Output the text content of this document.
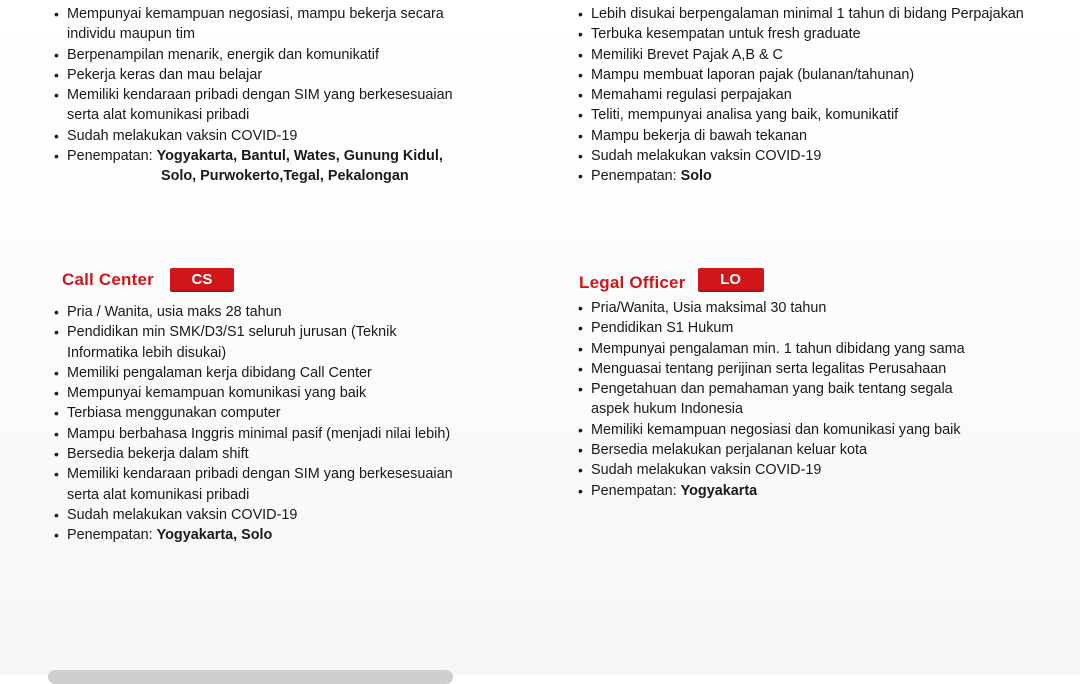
• Mempunyai kemampuan negosiasi, mampu bekerja secara individu maupun tim
• Berpenampilan menarik, energik dan komunikatif
• Pekerja keras dan mau belajar
• Memiliki kendaraan pribadi dengan SIM yang berkesesuaian serta alat komunikasi pribadi
• Sudah melakukan vaksin COVID-19
• Penempatan: Yogyakarta, Bantul, Wates, Gunung Kidul,
Solo, Purwokerto,Tegal, Pekalongan
• Lebih disukai berpengalaman minimal 1 tahun di bidang Perpajakan
• Terbuka kesempatan untuk fresh graduate
• Memiliki Brevet Pajak A,B & C
• Mampu membuat laporan pajak (bulanan/tahunan)
• Memahami regulasi perpajakan
• Teliti, mempunyai analisa yang baik, komunikatif
• Mampu bekerja di bawah tekanan
• Sudah melakukan vaksin COVID-19
• Penempatan: Solo
Call Center	CS
• Pria / Wanita, usia maks 28 tahun
• Pendidikan min SMK/D3/S1 seluruh jurusan (Teknik Informatika lebih disukai)
• Memiliki pengalaman kerja dibidang Call Center
• Mempunyai kemampuan komunikasi yang baik
• Terbiasa menggunakan computer
• Mampu berbahasa Inggris minimal pasif (menjadi nilai lebih)
• Bersedia bekerja dalam shift
• Memiliki kendaraan pribadi dengan SIM yang berkesesuaian serta alat komunikasi pribadi
• Sudah melakukan vaksin COVID-19
• Penempatan: Yogyakarta, Solo
Legal Officer	LO
• Pria/Wanita, Usia maksimal 30 tahun
• Pendidikan S1 Hukum
• Mempunyai pengalaman min. 1 tahun dibidang yang sama
• Menguasai tentang perijinan serta legalitas Perusahaan
• Pengetahuan dan pemahaman yang baik tentang segala aspek hukum Indonesia
• Memiliki kemampuan negosiasi dan komunikasi yang baik
• Bersedia melakukan perjalanan keluar kota
• Sudah melakukan vaksin COVID-19
• Penempatan: Yogyakarta
